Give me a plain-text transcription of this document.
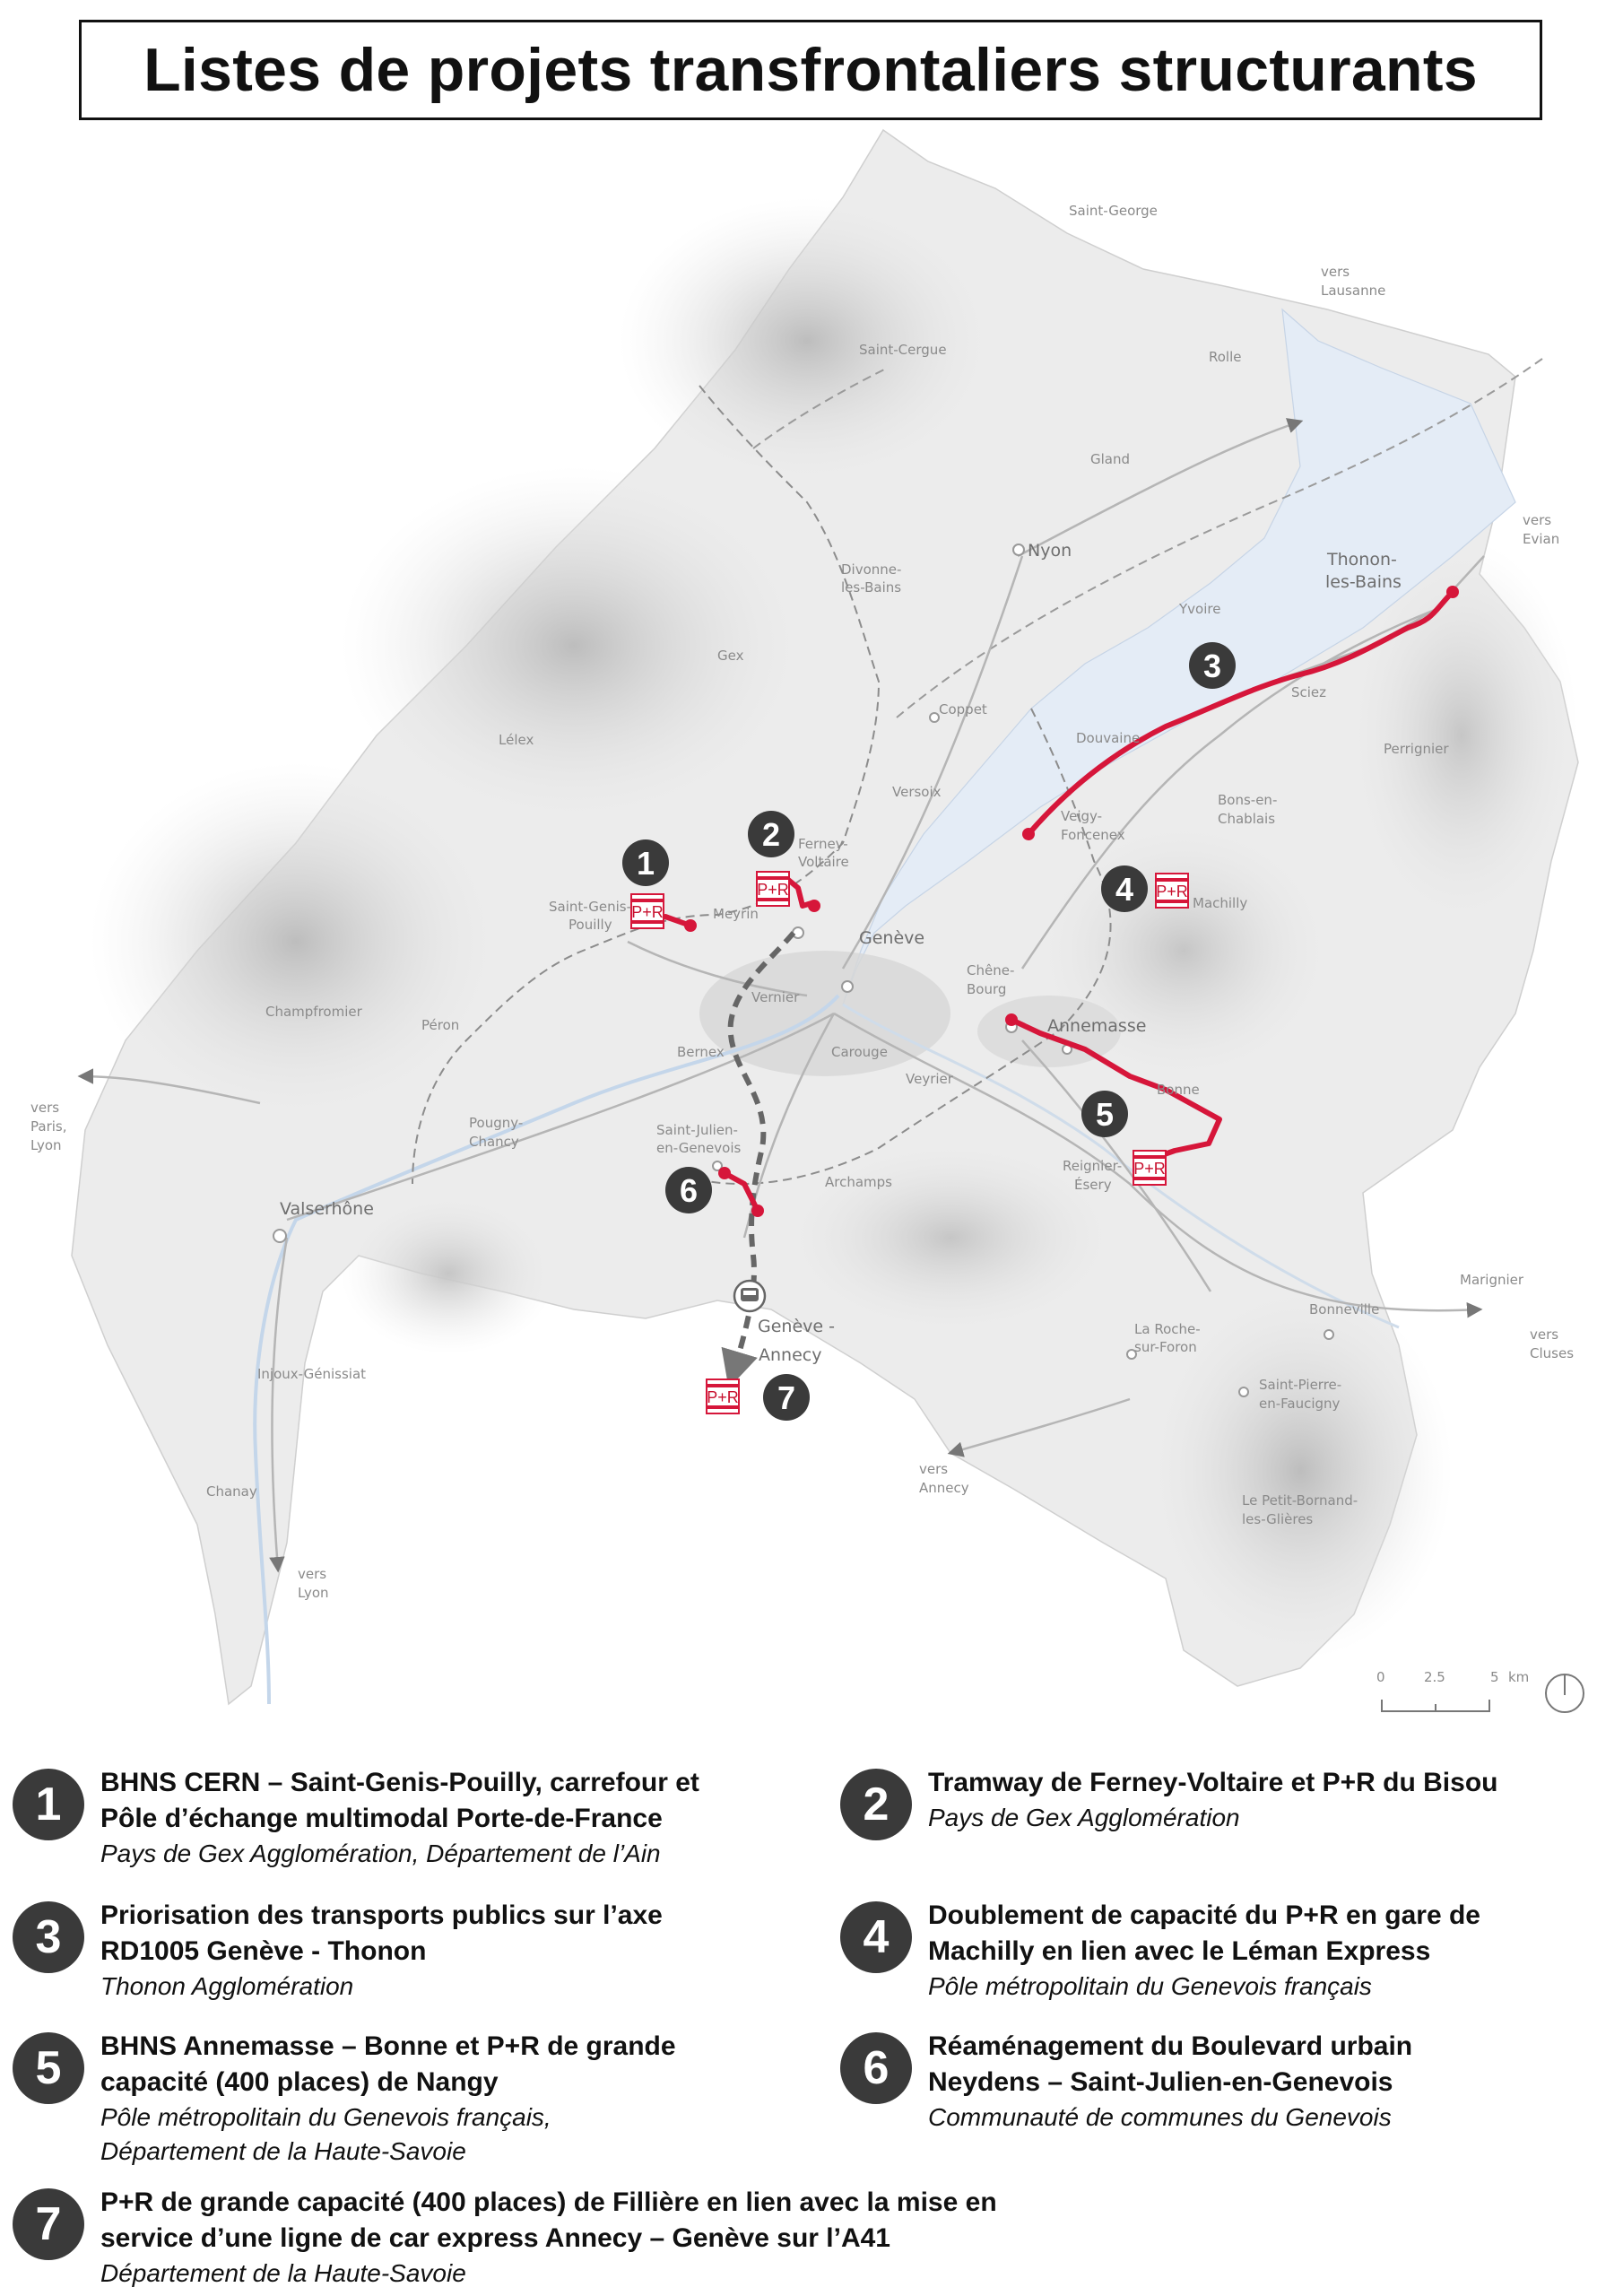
Listes de projets transfrontaliers structurants
P+R
P+R	P+R
P+R
P+R
1
2
3
4
5
6
7
Saint-George
vers
Lausanne
Saint-Cergue	Rolle
Gland
Nyon
vers
Evian
Thonon-
les-Bains
Divonne-
les-Bains
Yvoire
Gex
Coppet
Sciez
Lélex	Douvaine
Perrignier
Versoix
Veigy-
Foncenex
Bons-en-
Chablais
Ferney-
Voltaire
Saint-Genis-
Pouilly
Meyrin
Genève
Machilly
Chêne-
Bourg
Champfromier
Péron
Vernier
Annemasse
Bernex	Carouge
vers
Paris,
Lyon
Veyrier
Bonne
Pougny-
Chancy
Saint-Julien-
en-Genevois
Archamps
Reignier-
Ésery
Valserhône
Marignier
Genève -
Annecy
Bonneville
La Roche-
sur-Foron
vers
Cluses
Injoux-Génissiat
Saint-Pierre-
en-Faucigny
vers
Annecy
Chanay
Le Petit-Bornand-
les-Glières
vers
Lyon
0	2.5	5 km
1	BHNS CERN – Saint-Genis-Pouilly, carrefour et
Pôle d’échange multimodal Porte-de-France
Pays de Gex Agglomération, Département de l’Ain
2	Tramway de Ferney-Voltaire et P+R du Bisou
Pays de Gex Agglomération
3	Priorisation des transports publics sur l’axe
RD1005 Genève - Thonon
Thonon Agglomération
4	Doublement de capacité du P+R en gare de
Machilly en lien avec le Léman Express
Pôle métropolitain du Genevois français
5	BHNS Annemasse – Bonne et P+R de grande
capacité (400 places) de Nangy
Pôle métropolitain du Genevois français,
Département de la Haute-Savoie
6	Réaménagement du Boulevard urbain
Neydens – Saint-Julien-en-Genevois
Communauté de communes du Genevois
7	P+R de grande capacité (400 places) de Fillière en lien avec la mise en
service d’une ligne de car express Annecy – Genève sur l’A41
Département de la Haute-Savoie
